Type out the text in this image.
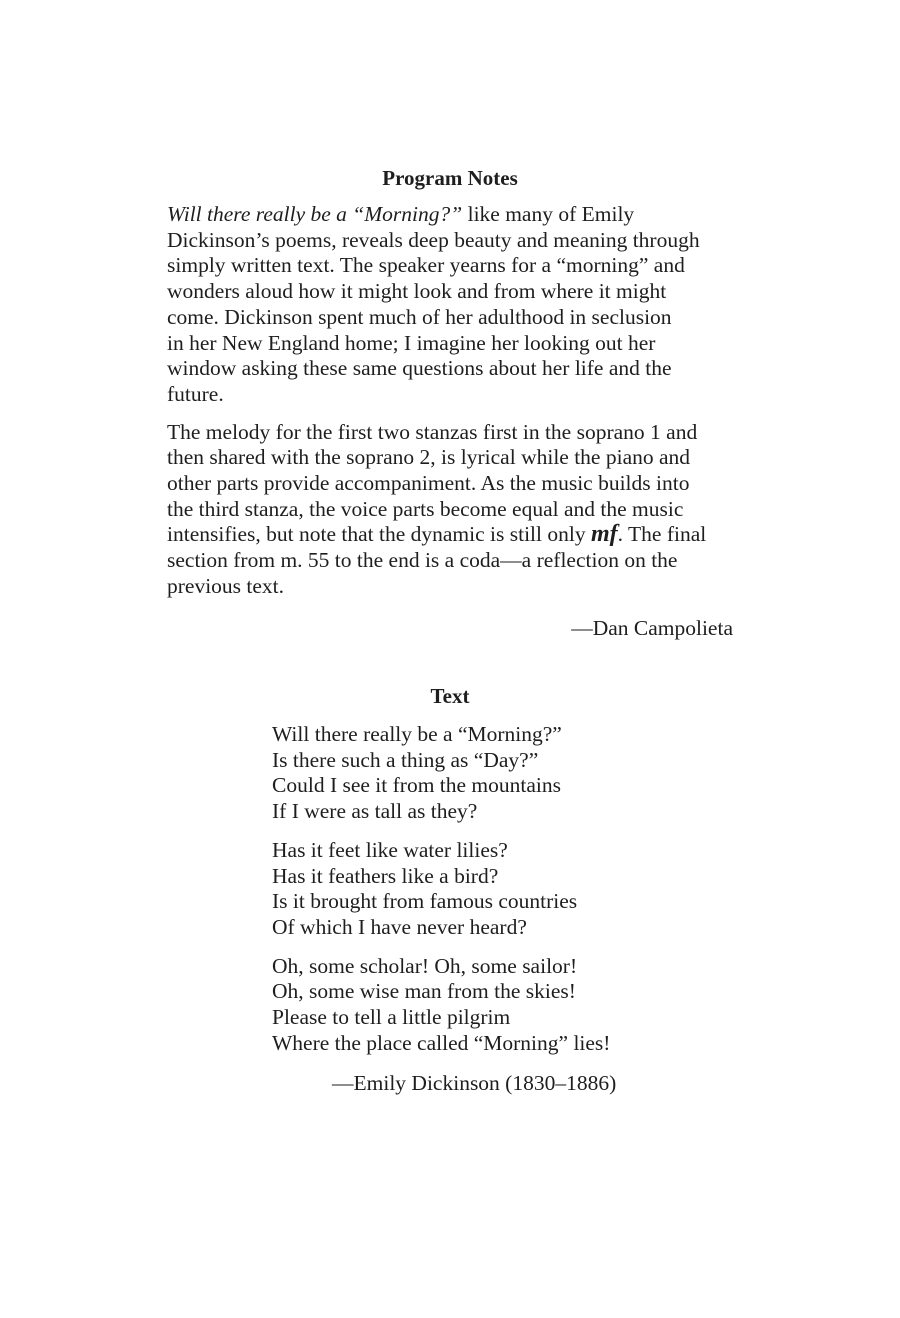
Program Notes

Will there really be a “Morning?” like many of Emily
Dickinson’s poems, reveals deep beauty and meaning through
simply written text. The speaker yearns for a “morning” and
wonders aloud how it might look and from where it might
come. Dickinson spent much of her adulthood in seclusion
in her New England home; I imagine her looking out her
window asking these same questions about her life and the
future.

The melody for the first two stanzas first in the soprano 1 and
then shared with the soprano 2, is lyrical while the piano and
other parts provide accompaniment. As the music builds into
the third stanza, the voice parts become equal and the music
intensifies, but note that the dynamic is still only mf. The final
section from m. 55 to the end is a coda—a reflection on the
previous text.

—Dan Campolieta
Text
Will there really be a “Morning?”
Is there such a thing as “Day?”
Could I see it from the mountains
If I were as tall as they?
Has it feet like water lilies?
Has it feathers like a bird?
Is it brought from famous countries
Of which I have never heard?
Oh, some scholar! Oh, some sailor!
Oh, some wise man from the skies!
Please to tell a little pilgrim
Where the place called “Morning” lies!
—Emily Dickinson (1830–1886)
